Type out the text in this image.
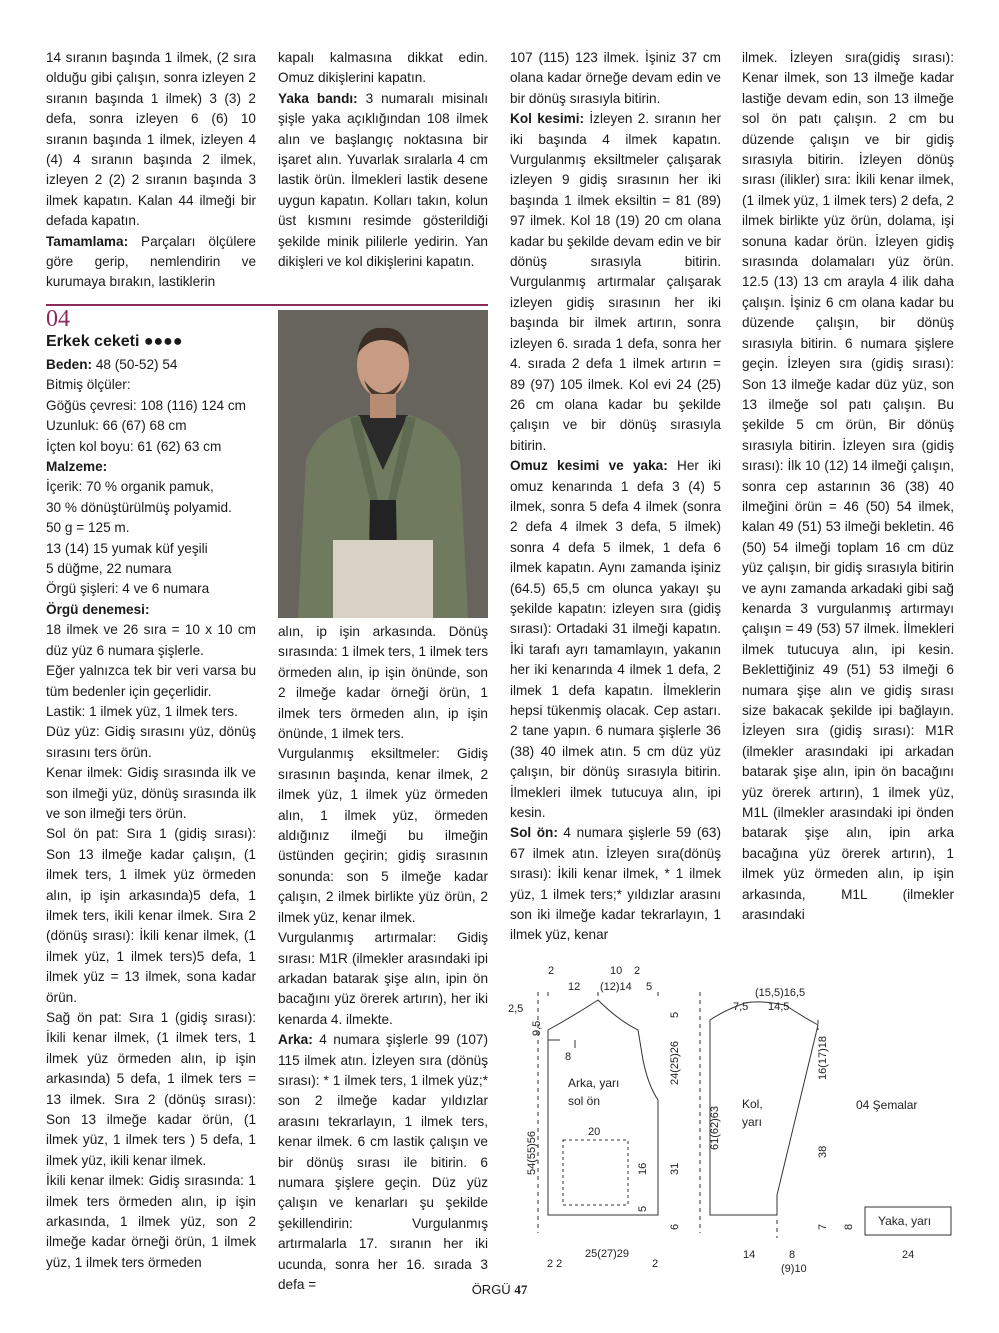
14 sıranın başında 1 ilmek, (2 sıra olduğu gibi çalışın, sonra izleyen 2 sıranın başında 1 ilmek) 3 (3) 2 defa, sonra izleyen 6 (6) 10 sıranın başında 1 ilmek, izleyen 4 (4) 4 sıranın başında 2 ilmek, izleyen 2 (2) 2 sıranın başında 3 ilmek kapatın. Kalan 44 ilmeği bir defada kapatın.

Tamamlama: Parçaları ölçülere göre gerip, nemlendirin ve kurumaya bırakın, lastiklerin

kapalı kalmasına dikkat edin. Omuz dikişlerini kapatın.

Yaka bandı: 3 numaralı misinalı şişle yaka açıklığından 108 ilmek alın ve başlangıç noktasına bir işaret alın. Yuvarlak sıralarla 4 cm lastik örün. İlmekleri lastik desene uygun kapatın. Kolları takın, kolun üst kısmını resimde gösterildiği şekilde minik pililerle yedirin. Yan dikişleri ve kol dikişlerini kapatın.

04
Erkek ceketi ●●●●

Beden: 48 (50-52) 54

Bitmiş ölçüler:

Göğüs çevresi: 108 (116) 124 cm

Uzunluk: 66 (67) 68 cm

İçten kol boyu: 61 (62) 63 cm

Malzeme:

İçerik: 70 % organik pamuk,

30 % dönüştürülmüş polyamid.

50 g = 125 m.

13 (14) 15 yumak küf yeşili

5 düğme, 22 numara

Örgü şişleri: 4 ve 6 numara

Örgü denemesi:

18 ilmek ve 26 sıra = 10 x 10 cm düz yüz 6 numara şişlerle.

Eğer yalnızca tek bir veri varsa bu tüm bedenler için geçerlidir.

Lastik: 1 ilmek yüz, 1 ilmek ters.

Düz yüz: Gidiş sırasını yüz, dönüş sırasını ters örün.

Kenar ilmek: Gidiş sırasında ilk ve son ilmeği yüz, dönüş sırasında ilk ve son ilmeği ters örün.

Sol ön pat: Sıra 1 (gidiş sırası): Son 13 ilmeğe kadar çalışın, (1 ilmek ters, 1 ilmek yüz örmeden alın, ip işin arkasında)5 defa, 1 ilmek ters, ikili kenar ilmek. Sıra 2 (dönüş sırası): İkili kenar ilmek, (1 ilmek yüz, 1 ilmek ters)5 defa, 1 ilmek yüz = 13 ilmek, sona kadar örün.

Sağ ön pat: Sıra 1 (gidiş sırası): İkili kenar ilmek, (1 ilmek ters, 1 ilmek yüz örmeden alın, ip işin arkasında) 5 defa, 1 ilmek ters = 13 ilmek. Sıra 2 (dönüş sırası): Son 13 ilmeğe kadar örün, (1 ilmek yüz, 1 ilmek ters ) 5 defa, 1 ilmek yüz, ikili kenar ilmek.

İkili kenar ilmek: Gidiş sırasında: 1 ilmek ters örmeden alın, ip işin arkasında, 1 ilmek yüz, son 2 ilmeğe kadar örneği örün, 1 ilmek yüz, 1 ilmek ters örmeden

alın, ip işin arkasında. Dönüş sırasında: 1 ilmek ters, 1 ilmek ters örmeden alın, ip işin önünde, son 2 ilmeğe kadar örneği örün, 1 ilmek ters örmeden alın, ip işin önünde, 1 ilmek ters.

Vurgulanmış eksiltmeler: Gidiş sırasının başında, kenar ilmek, 2 ilmek yüz, 1 ilmek yüz örmeden alın, 1 ilmek yüz, örmeden aldığınız ilmeği bu ilmeğin üstünden geçirin; gidiş sırasının sonunda: son 5 ilmeğe kadar çalışın, 2 ilmek birlikte yüz örün, 2 ilmek yüz, kenar ilmek.

Vurgulanmış artırmalar: Gidiş sırası: M1R (ilmekler arasındaki ipi arkadan batarak şişe alın, ipin ön bacağını yüz örerek artırın), her iki kenarda 4. ilmekte.

Arka: 4 numara şişlerle 99 (107) 115 ilmek atın. İzleyen sıra (dönüş sırası): * 1 ilmek ters, 1 ilmek yüz;* son 2 ilmeğe kadar yıldızlar arasını tekrarlayın, 1 ilmek ters, kenar ilmek. 6 cm lastik çalışın ve bir dönüş sırası ile bitirin. 6 numara şişlere geçin. Düz yüz çalışın ve kenarları şu şekilde şekillendirin: Vurgulanmış artırmalarla 17. sıranın her iki ucunda, sonra her 16. sırada 3 defa =

107 (115) 123 ilmek. İşiniz 37 cm olana kadar örneğe devam edin ve bir dönüş sırasıyla bitirin.

Kol kesimi: İzleyen 2. sıranın her iki başında 4 ilmek kapatın. Vurgulanmış eksiltmeler çalışarak izleyen 9 gidiş sırasının her iki başında 1 ilmek eksiltin = 81 (89) 97 ilmek. Kol 18 (19) 20 cm olana kadar bu şekilde devam edin ve bir dönüş sırasıyla bitirin. Vurgulanmış artırmalar çalışarak izleyen gidiş sırasının her iki başında bir ilmek artırın, sonra izleyen 6. sırada 1 defa, sonra her 4. sırada 2 defa 1 ilmek artırın = 89 (97) 105 ilmek. Kol evi 24 (25) 26 cm olana kadar bu şekilde çalışın ve bir dönüş sırasıyla bitirin.

Omuz kesimi ve yaka: Her iki omuz kenarında 1 defa 3 (4) 5 ilmek, sonra 5 defa 4 ilmek (sonra 2 defa 4 ilmek 3 defa, 5 ilmek) sonra 4 defa 5 ilmek, 1 defa 6 ilmek kapatın. Aynı zamanda işiniz (64.5) 65,5 cm olunca yakayı şu şekilde kapatın: izleyen sıra (gidiş sırası): Ortadaki 31 ilmeği kapatın. İki tarafı ayrı tamamlayın, yakanın her iki kenarında 4 ilmek 1 defa, 2 ilmek 1 defa kapatın. İlmeklerin hepsi tükenmiş olacak. Cep astarı. 2 tane yapın. 6 numara şişlerle 36 (38) 40 ilmek atın. 5 cm düz yüz çalışın, bir dönüş sırasıyla bitirin. İlmekleri ilmek tutucuya alın, ipi kesin.

Sol ön: 4 numara şişlerle 59 (63) 67 ilmek atın. İzleyen sıra(dönüş sırası): İkili kenar ilmek, * 1 ilmek yüz, 1 ilmek ters;* yıldızlar arasını son iki ilmeğe kadar tekrarlayın, 1 ilmek yüz, kenar

ilmek. İzleyen sıra(gidiş sırası): Kenar ilmek, son 13 ilmeğe kadar lastiğe devam edin, son 13 ilmeğe sol ön patı çalışın. 2 cm bu düzende çalışın ve bir gidiş sırasıyla bitirin. İzleyen dönüş sırası (ilikler) sıra: İkili kenar ilmek, (1 ilmek yüz, 1 ilmek ters) 2 defa, 2 ilmek birlikte yüz örün, dolama, işi sonuna kadar örün. İzleyen gidiş sırasında dolamaları yüz örün. 12.5 (13) 13 cm arayla 4 ilik daha çalışın. İşiniz 6 cm olana kadar bu düzende çalışın, bir dönüş sırasıyla bitirin. 6 numara şişlere geçin. İzleyen sıra (gidiş sırası): Son 13 ilmeğe kadar düz yüz, son 13 ilmeğe sol patı çalışın. Bu şekilde 5 cm örün, Bir dönüş sırasıyla bitirin. İzleyen sıra (gidiş sırası): İlk 10 (12) 14 ilmeği çalışın, sonra cep astarının 36 (38) 40 ilmeğini örün = 46 (50) 54 ilmek, kalan 49 (51) 53 ilmeği bekletin. 46 (50) 54 ilmeği toplam 16 cm düz yüz çalışın, bir gidiş sırasıyla bitirin ve aynı zamanda arkadaki gibi sağ kenarda 3 vurgulanmış artırmayı çalışın = 49 (53) 57 ilmek. İlmekleri ilmek tutucuya alın, ipi kesin. Beklettiğiniz 49 (51) 53 ilmeği 6 numara şişe alın ve gidiş sırası size bakacak şekilde ipi bağlayın. İzleyen sıra (gidiş sırası): M1R (ilmekler arasındaki ipi arkadan batarak şişe alın, ipin ön bacağını yüz örerek artırın), 1 ilmek yüz, M1L (ilmekler arasındaki ipi önden batarak şişe alın, ipin arka bacağına yüz örerek artırın), 1 ilmek yüz örmeden alın, ip işin arkasında, M1L (ilmekler arasındaki

2	10 2
12 (12)14 5
2,5
9,5
8
5
24(25)26
54(55)56	20
16 31
5
6
2 2
25(27)29
2
Arka, yarı
sol ön
(15,5)16,5
7,5 14,5
16(17)18
61(62)63
38
7
14	8
(9)10
Kol,
yarı
8
24
Yaka, yarı
04 Şemalar
ÖRGÜ 47
